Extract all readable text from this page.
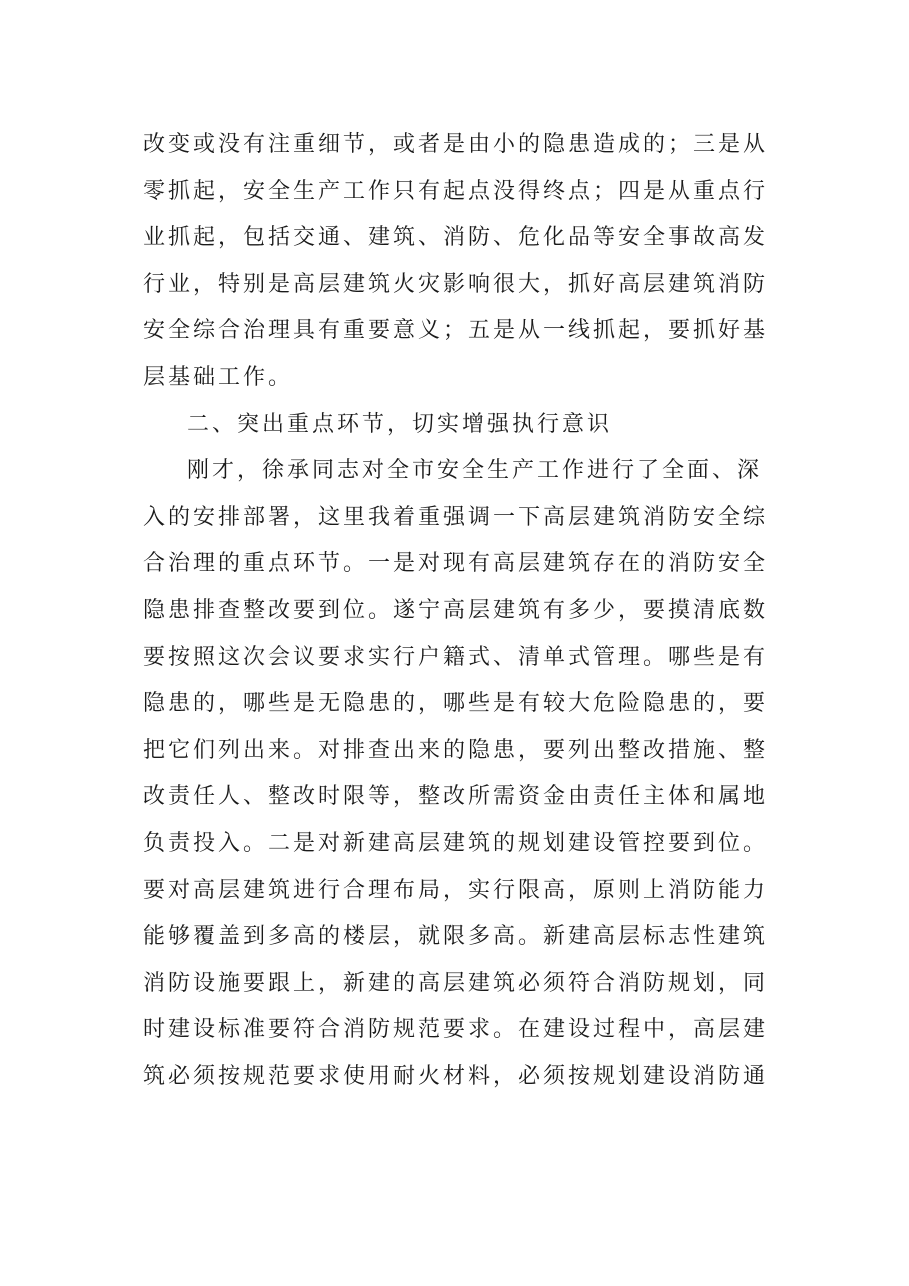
改变或没有注重细节，或者是由小的隐患造成的；三是从
零抓起，安全生产工作只有起点没得终点；四是从重点行
业抓起，包括交通、建筑、消防、危化品等安全事故高发
行业，特别是高层建筑火灾影响很大，抓好高层建筑消防
安全综合治理具有重要意义；五是从一线抓起，要抓好基
层基础工作。
二、突出重点环节，切实增强执行意识
刚才，徐承同志对全市安全生产工作进行了全面、深
入的安排部署，这里我着重强调一下高层建筑消防安全综
合治理的重点环节。一是对现有高层建筑存在的消防安全
隐患排查整改要到位。遂宁高层建筑有多少，要摸清底数
要按照这次会议要求实行户籍式、清单式管理。哪些是有
隐患的，哪些是无隐患的，哪些是有较大危险隐患的，要
把它们列出来。对排查出来的隐患，要列出整改措施、整
改责任人、整改时限等，整改所需资金由责任主体和属地
负责投入。二是对新建高层建筑的规划建设管控要到位。
要对高层建筑进行合理布局，实行限高，原则上消防能力
能够覆盖到多高的楼层，就限多高。新建高层标志性建筑
消防设施要跟上，新建的高层建筑必须符合消防规划，同
时建设标准要符合消防规范要求。在建设过程中，高层建
筑必须按规范要求使用耐火材料，必须按规划建设消防通
